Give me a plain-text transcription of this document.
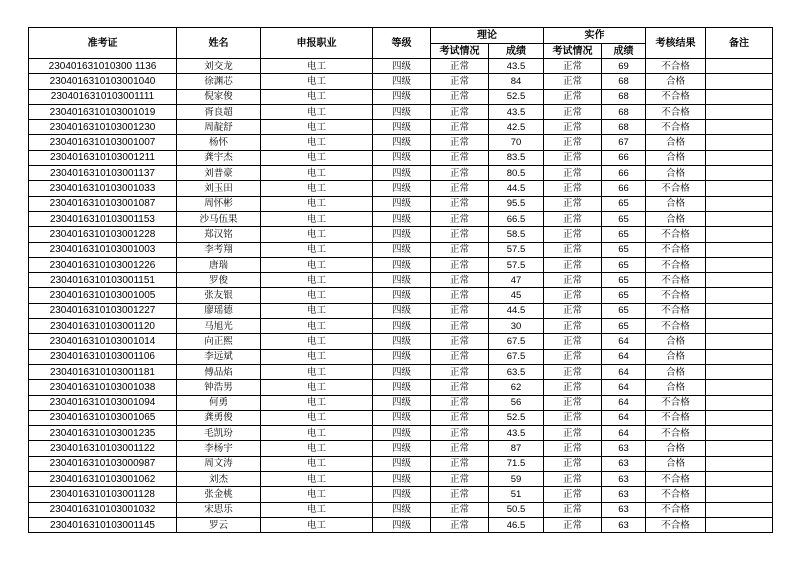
准考证	姓名	申报职业	等级	理论		实作		考核结果	备注
				考试情况	成绩	考试情况	成绩		
230401631010300 1136	刘交龙	电工	四级	正常	43.5	正常	69	不合格	
2304016310103001040	徐渊芯	电工	四级	正常	84	正常	68	合格	
2304016310103001111	倪家俊	电工	四级	正常	52.5	正常	68	不合格	
2304016310103001019	胥良超	电工	四级	正常	43.5	正常	68	不合格	
2304016310103001230	周靛舒	电工	四级	正常	42.5	正常	68	不合格	
2304016310103001007	杨怀	电工	四级	正常	70	正常	67	合格	
2304016310103001211	龚宇杰	电工	四级	正常	83.5	正常	66	合格	
2304016310103001137	刘普豪	电工	四级	正常	80.5	正常	66	合格	
2304016310103001033	刘玉田	电工	四级	正常	44.5	正常	66	不合格	
2304016310103001087	周怀彬	电工	四级	正常	95.5	正常	65	合格	
2304016310103001153	沙马伍果	电工	四级	正常	66.5	正常	65	合格	
2304016310103001228	郑汉铭	电工	四级	正常	58.5	正常	65	不合格	
2304016310103001003	李考翔	电工	四级	正常	57.5	正常	65	不合格	
2304016310103001226	唐瑞	电工	四级	正常	57.5	正常	65	不合格	
2304016310103001151	罗俊	电工	四级	正常	47	正常	65	不合格	
2304016310103001005	张友银	电工	四级	正常	45	正常	65	不合格	
2304016310103001227	廖瑶德	电工	四级	正常	44.5	正常	65	不合格	
2304016310103001120	马旭光	电工	四级	正常	30	正常	65	不合格	
2304016310103001014	向正熙	电工	四级	正常	67.5	正常	64	合格	
2304016310103001106	李远斌	电工	四级	正常	67.5	正常	64	合格	
2304016310103001181	傅品焰	电工	四级	正常	63.5	正常	64	合格	
2304016310103001038	钟浩男	电工	四级	正常	62	正常	64	合格	
2304016310103001094	何勇	电工	四级	正常	56	正常	64	不合格	
2304016310103001065	龚勇俊	电工	四级	正常	52.5	正常	64	不合格	
2304016310103001235	毛凯玢	电工	四级	正常	43.5	正常	64	不合格	
2304016310103001122	李杨宇	电工	四级	正常	87	正常	63	合格	
2304016310103000987	周文涛	电工	四级	正常	71.5	正常	63	合格	
2304016310103001062	刘杰	电工	四级	正常	59	正常	63	不合格	
2304016310103001128	张金桃	电工	四级	正常	51	正常	63	不合格	
2304016310103001032	宋思乐	电工	四级	正常	50.5	正常	63	不合格	
2304016310103001145	罗云	电工	四级	正常	46.5	正常	63	不合格	
